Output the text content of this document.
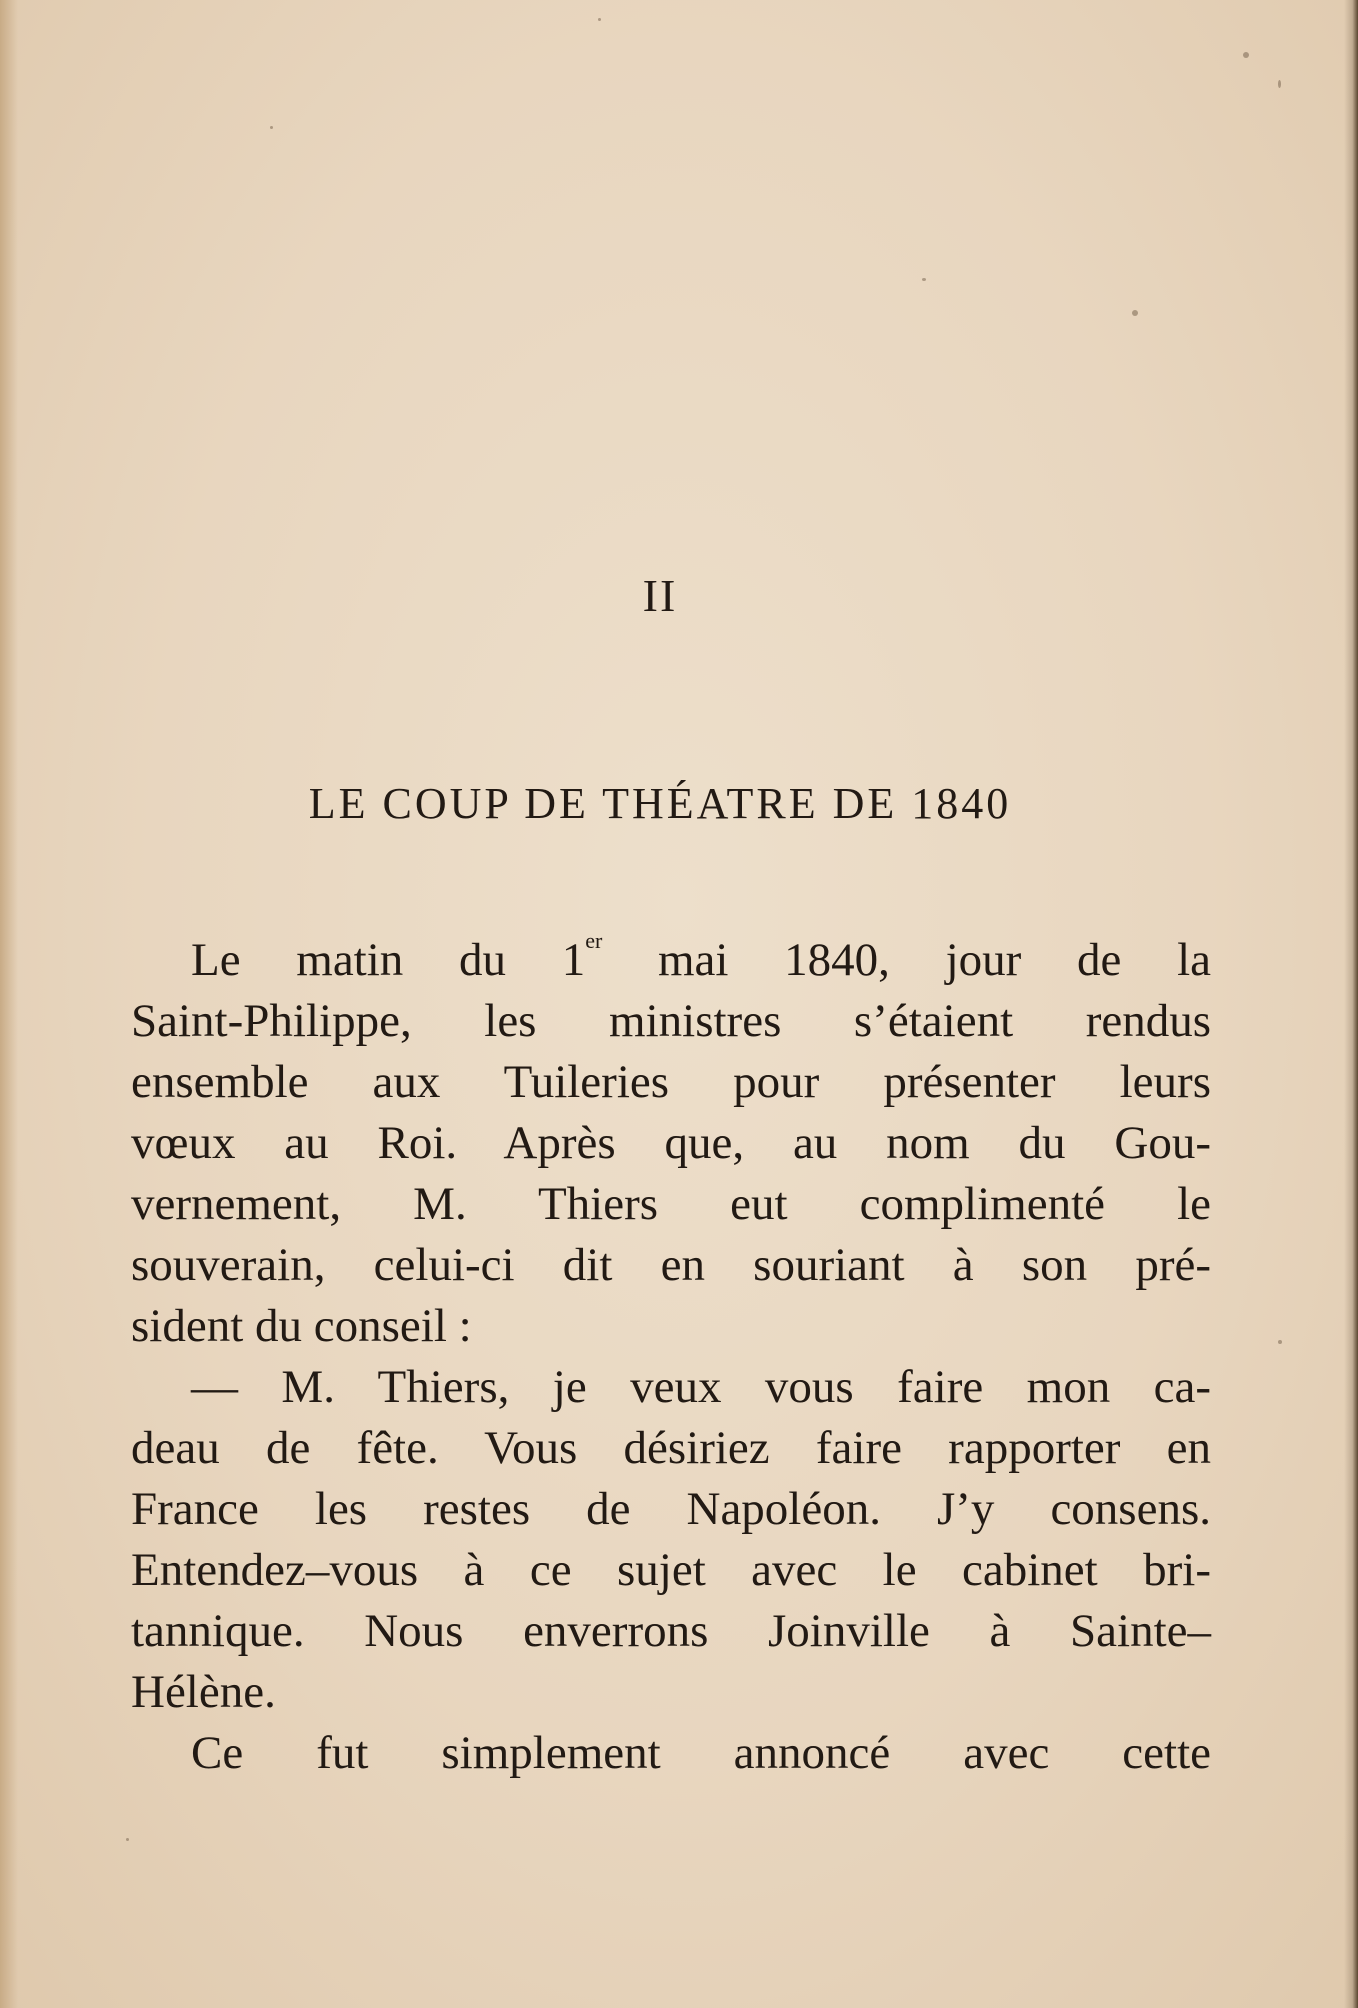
II
LE COUP DE THÉATRE DE 1840
Le matin du 1er mai 1840, jour de la
Saint-Philippe, les ministres s’étaient rendus
ensemble aux Tuileries pour présenter leurs
vœux au Roi. Après que, au nom du Gou-
vernement, M. Thiers eut complimenté le
souverain, celui-ci dit en souriant à son pré-
sident du conseil :
— M. Thiers, je veux vous faire mon ca-
deau de fête. Vous désiriez faire rapporter en
France les restes de Napoléon. J’y consens.
Entendez–vous à ce sujet avec le cabinet bri-
tannique. Nous enverrons Joinville à Sainte–
Hélène.
Ce fut simplement annoncé avec cette
